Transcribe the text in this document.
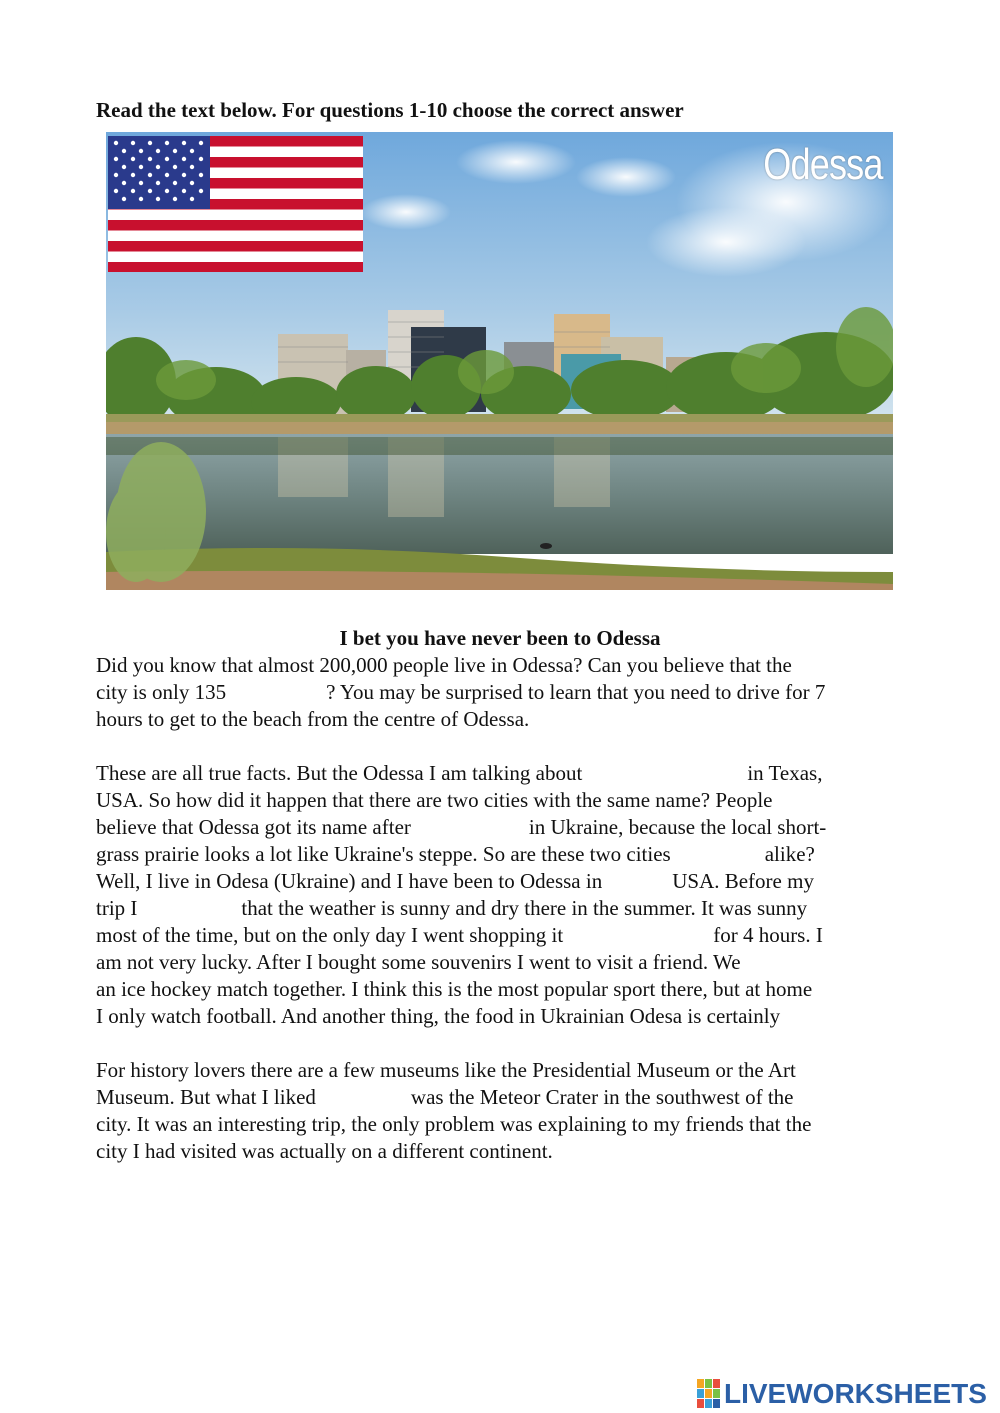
Read the text below. For questions 1-10 choose the correct answer
Odessa
I bet you have never been to Odessa
Did you know that almost 200,000 people live in Odessa? Can you believe that the
city is only 135	? You may be surprised to learn that you need to drive for 7
hours to get to the beach from the centre of Odessa.
These are all true facts. But the Odessa I am talking about	in Texas,
USA. So how did it happen that there are two cities with the same name? People
believe that Odessa got its name after	in Ukraine, because the local short-
grass prairie looks a lot like Ukraine's steppe. So are these two cities	alike?
Well, I live in Odesa (Ukraine) and I have been to Odessa in	USA. Before my
trip I	that the weather is sunny and dry there in the summer. It was sunny
most of the time, but on the only day I went shopping it	for 4 hours. I
am not very lucky. After I bought some souvenirs I went to visit a friend. We
an ice hockey match together. I think this is the most popular sport there, but at home
I only watch football. And another thing, the food in Ukrainian Odesa is certainly
For history lovers there are a few museums like the Presidential Museum or the Art
Museum. But what I liked	was the Meteor Crater in the southwest of the
city. It was an interesting trip, the only problem was explaining to my friends that the
city I had visited was actually on a different continent.
LIVEWORKSHEETS
